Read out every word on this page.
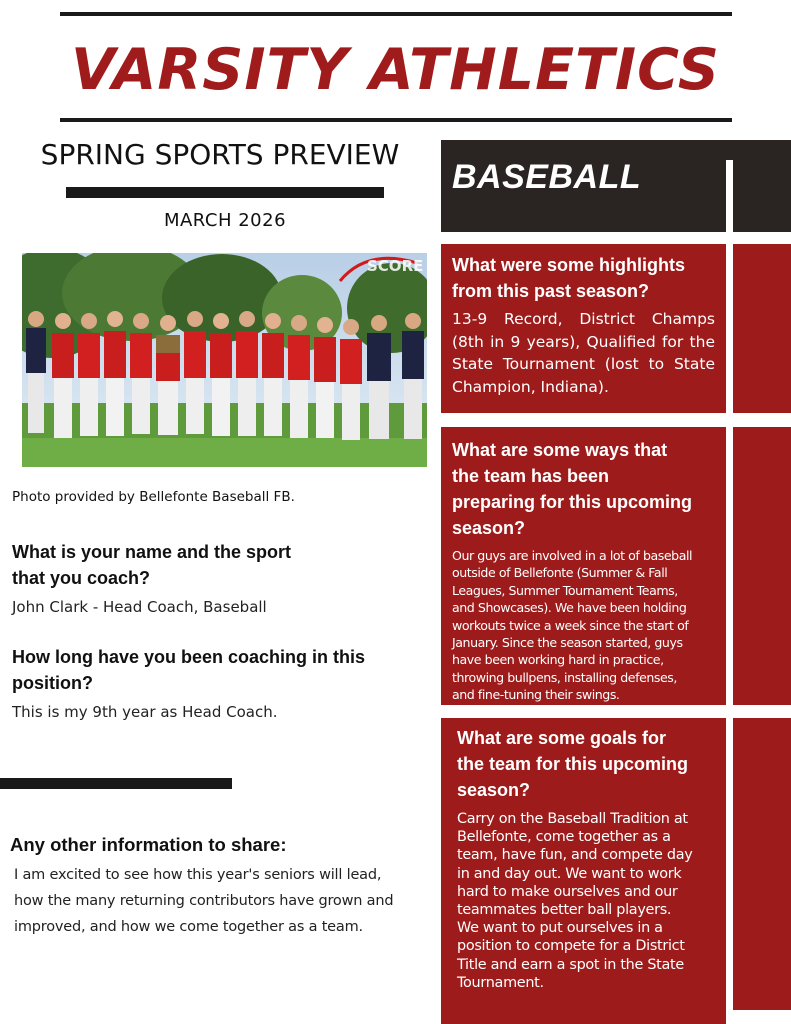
VARSITY ATHLETICS
SPRING SPORTS PREVIEW
MARCH 2026
SCORE
Photo provided by Bellefonte Baseball FB.
What is your name and the sport
that you coach?
John Clark - Head Coach, Baseball
How long have you been coaching in this
position?
This is my 9th year as Head Coach.
Any other information to share:
I am excited to see how this year's seniors will lead,
how the many returning contributors have grown and
improved, and how we come together as a team.
BASEBALL
What were some highlights
from this past season?
13-9 Record, District Champs (8th in 9 years), Qualified for the State Tournament (lost to State Champion, Indiana).
What are some ways that
the team has been
preparing for this upcoming
season?
Our guys are involved in a lot of baseball
outside of Bellefonte (Summer & Fall
Leagues, Summer Tournament Teams,
and Showcases). We have been holding
workouts twice a week since the start of
January. Since the season started, guys
have been working hard in practice,
throwing bullpens, installing defenses,
and fine-tuning their swings.
What are some goals for
the team for this upcoming
season?
Carry on the Baseball Tradition at
Bellefonte, come together as a
team, have fun, and compete day
in and day out. We want to work
hard to make ourselves and our
teammates better ball players.
We want to put ourselves in a
position to compete for a District
Title and earn a spot in the State
Tournament.
